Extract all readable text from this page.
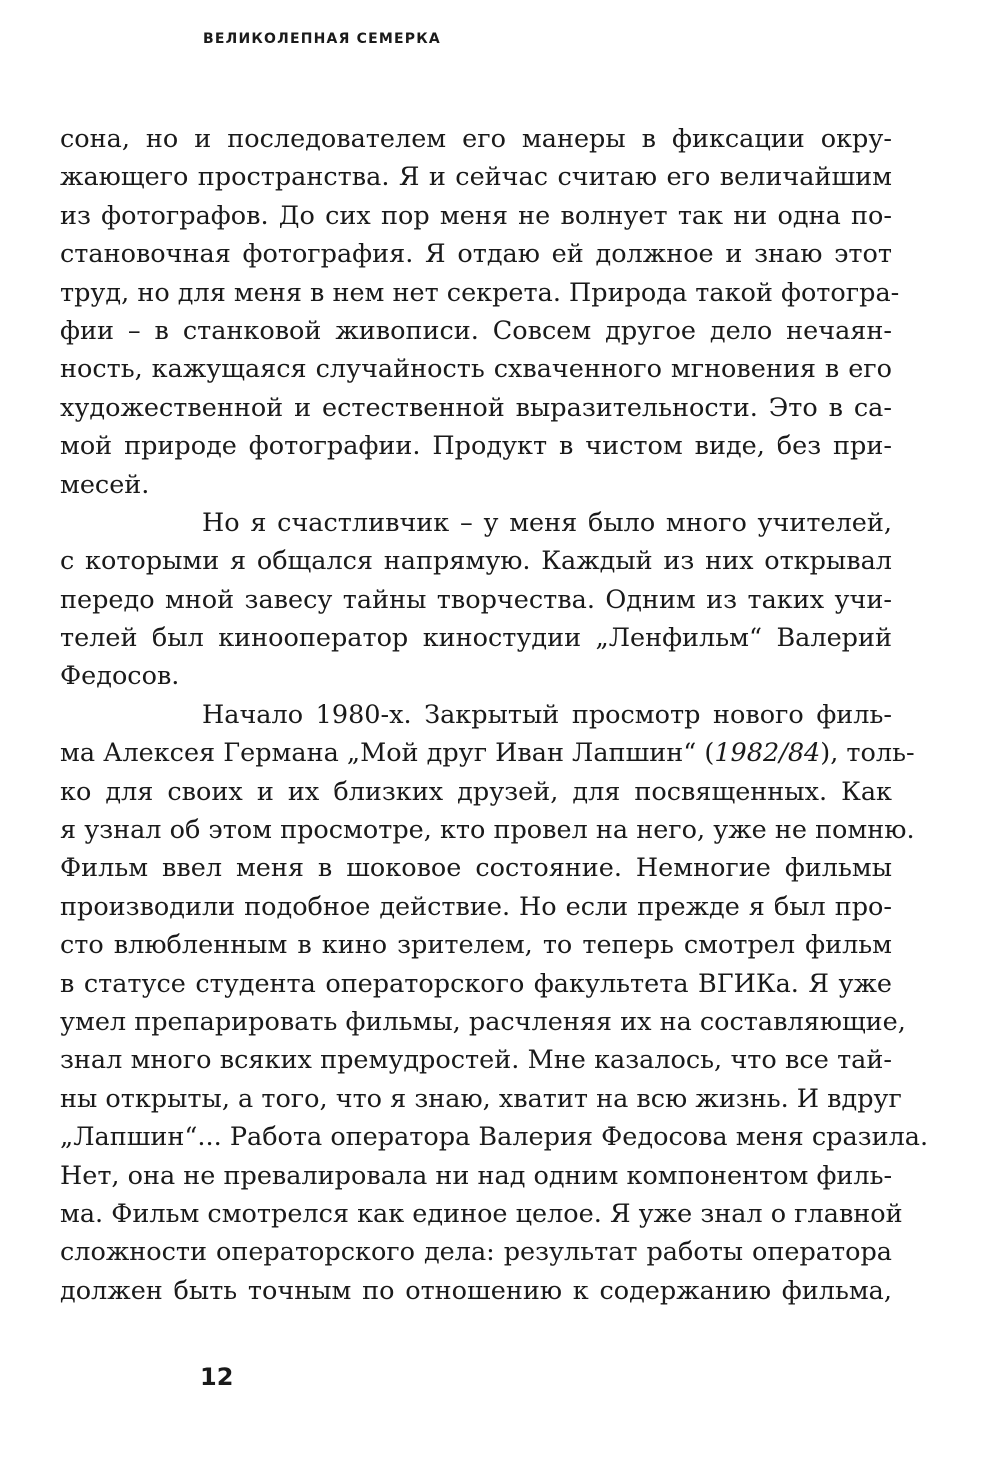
ВЕЛИКОЛЕПНАЯ СЕМЕРКА
сона, но и последователем его манеры в фиксации окру-
жающего пространства. Я и сейчас считаю его величайшим
из фотографов. До сих пор меня не волнует так ни одна по-
становочная фотография. Я отдаю ей должное и знаю этот
труд, но для меня в нем нет секрета. Природа такой фотогра-
фии – в станковой живописи. Совсем другое дело нечаян-
ность, кажущаяся случайность схваченного мгновения в его
художественной и естественной выразительности. Это в са-
мой природе фотографии. Продукт в чистом виде, без при-
месей.
Но я счастливчик – у меня было много учителей,
с которыми я общался напрямую. Каждый из них открывал
передо мной завесу тайны творчества. Одним из таких учи-
телей был кинооператор киностудии „Ленфильм“ Валерий
Федосов.
Начало 1980-х. Закрытый просмотр нового филь-
ма Алексея Германа „Мой друг Иван Лапшин“ (1982/84), толь-
ко для своих и их близких друзей, для посвященных. Как
я узнал об этом просмотре, кто провел на него, уже не помню.
Фильм ввел меня в шоковое состояние. Немногие фильмы
производили подобное действие. Но если прежде я был про-
сто влюбленным в кино зрителем, то теперь смотрел фильм
в статусе студента операторского факультета ВГИКа. Я уже
умел препарировать фильмы, расчленяя их на составляющие,
знал много всяких премудростей. Мне казалось, что все тай-
ны открыты, а того, что я знаю, хватит на всю жизнь. И вдруг
„Лапшин“... Работа оператора Валерия Федосова меня сразила.
Нет, она не превалировала ни над одним компонентом филь-
ма. Фильм смотрелся как единое целое. Я уже знал о главной
сложности операторского дела: результат работы оператора
должен быть точным по отношению к содержанию фильма,
12
